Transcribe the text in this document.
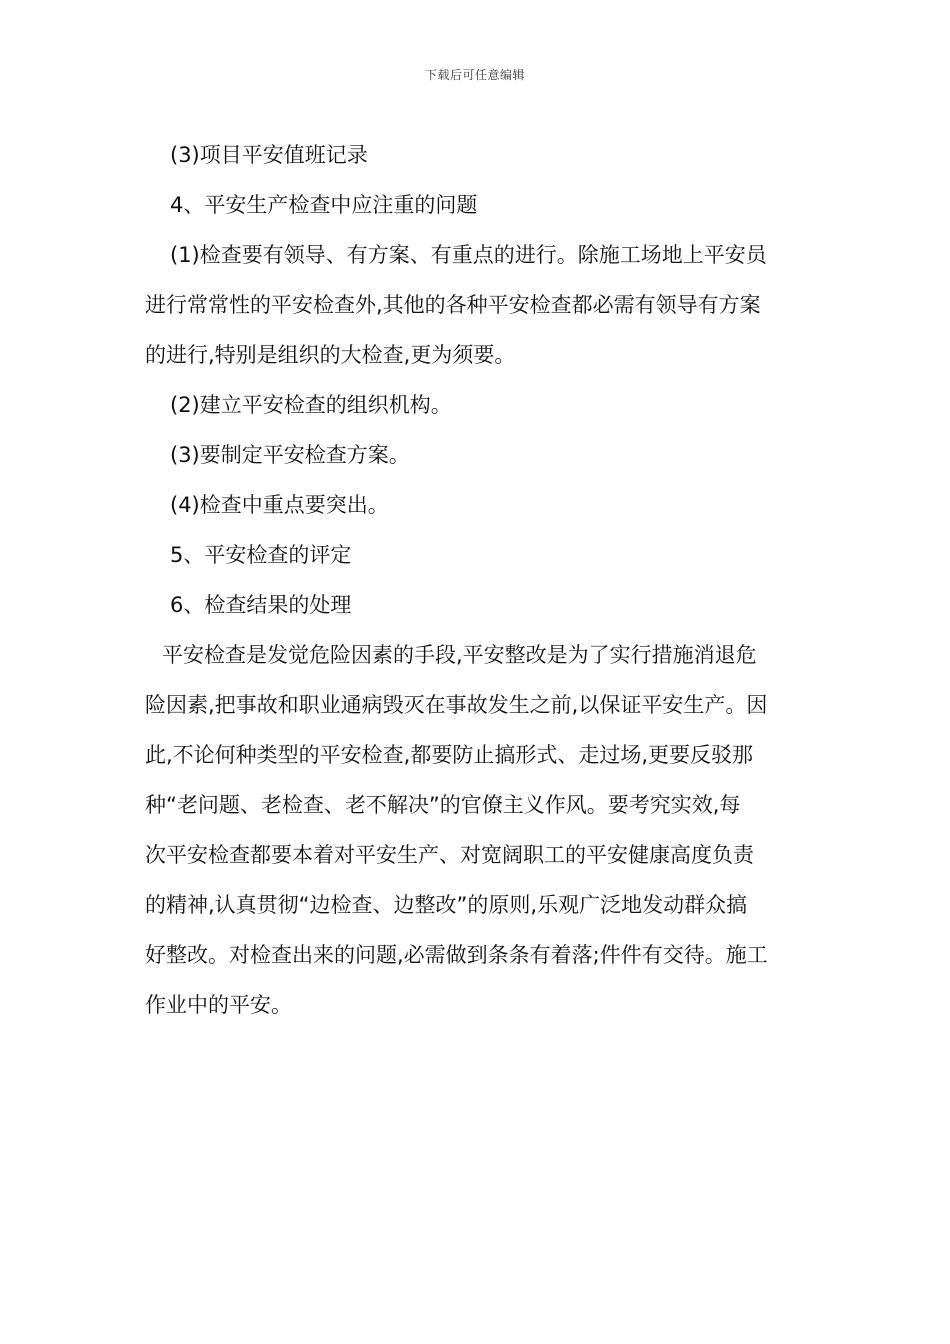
下载后可任意编辑
(3)项目平安值班记录
4、平安生产检查中应注重的问题
(1)检查要有领导、有方案、有重点的进行。除施工场地上平安员
进行常常性的平安检查外,其他的各种平安检查都必需有领导有方案
的进行,特别是组织的大检查,更为须要。
(2)建立平安检查的组织机构。
(3)要制定平安检查方案。
(4)检查中重点要突出。
5、平安检查的评定
6、检查结果的处理
平安检查是发觉危险因素的手段,平安整改是为了实行措施消退危
险因素,把事故和职业通病毁灭在事故发生之前,以保证平安生产。因
此,不论何种类型的平安检查,都要防止搞形式、走过场,更要反驳那
种“老问题、老检查、老不解决”的官僚主义作风。要考究实效,每
次平安检查都要本着对平安生产、对宽阔职工的平安健康高度负责
的精神,认真贯彻“边检查、边整改”的原则,乐观广泛地发动群众搞
好整改。对检查出来的问题,必需做到条条有着落;件件有交待。施工
作业中的平安。
